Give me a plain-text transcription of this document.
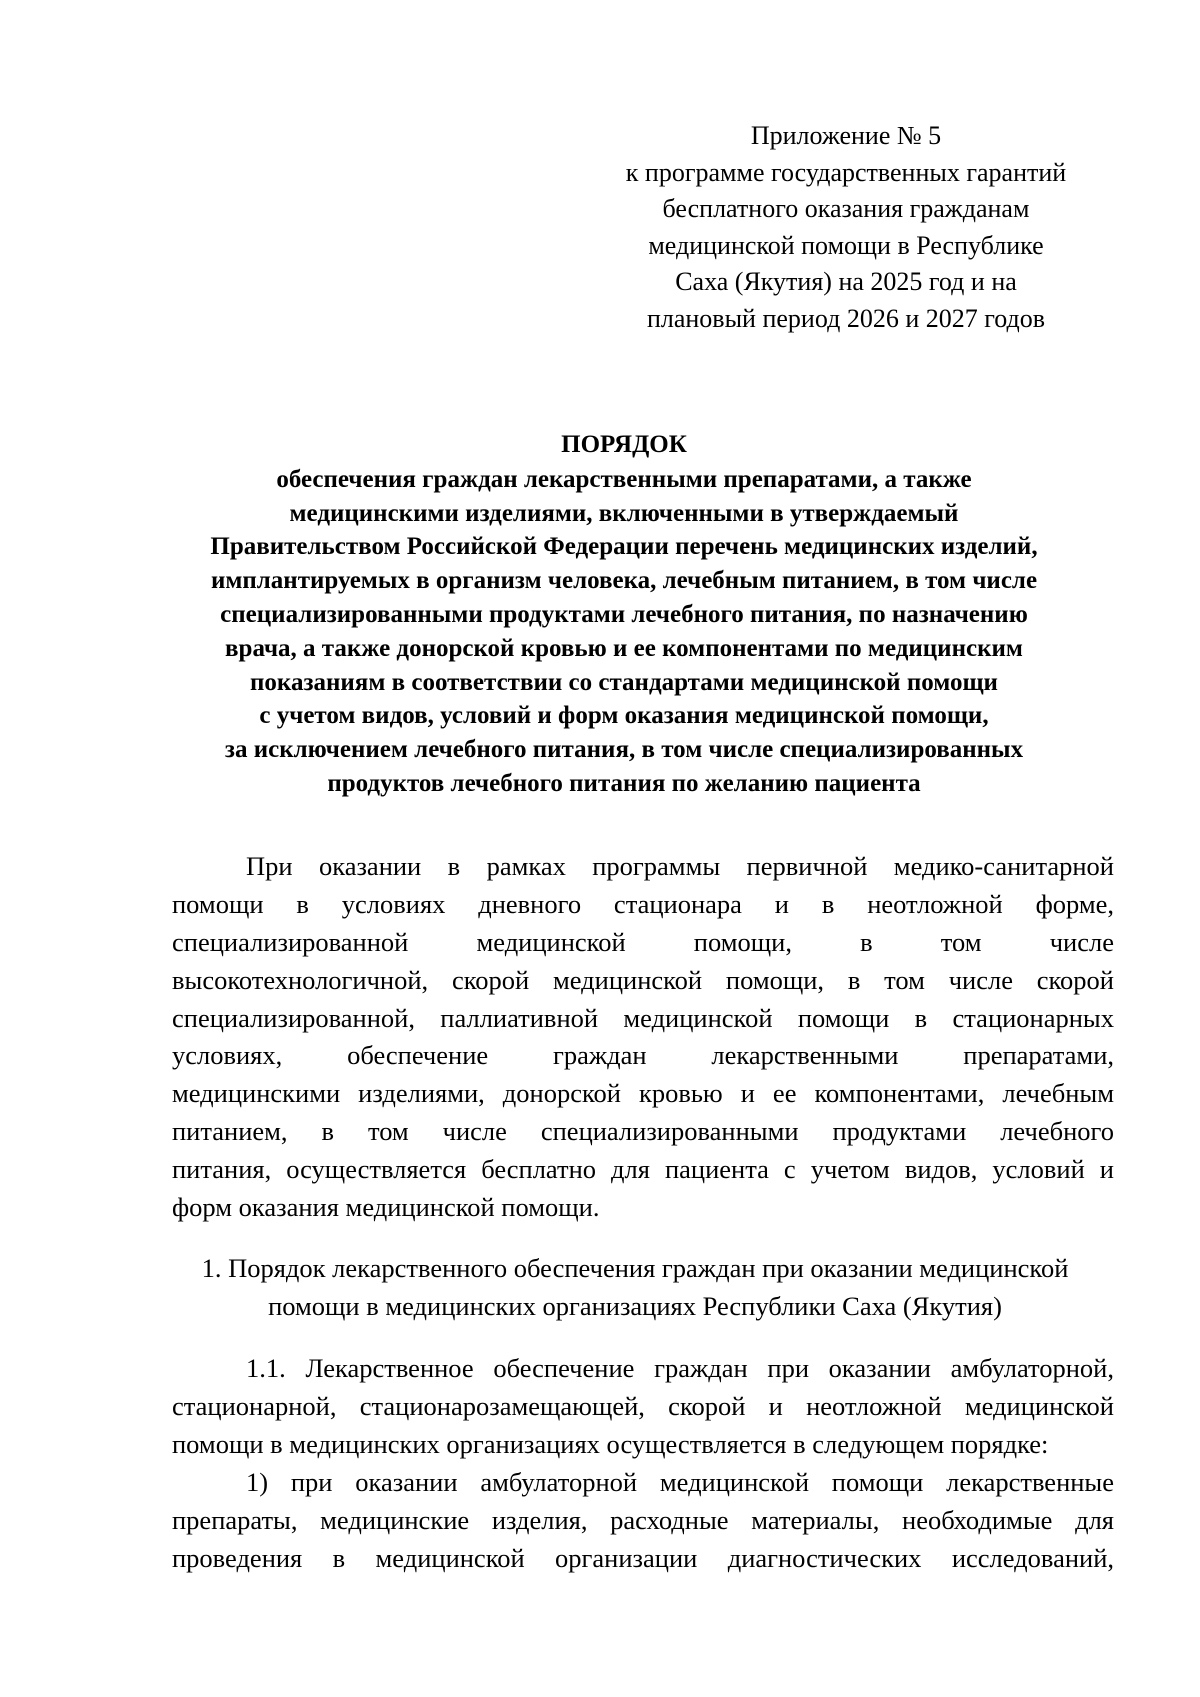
Приложение № 5
к программе государственных гарантий
бесплатного оказания гражданам
медицинской помощи в Республике
Саха (Якутия) на 2025 год и на
плановый период 2026 и 2027 годов
ПОРЯДОК
обеспечения граждан лекарственными препаратами, а также
медицинскими изделиями, включенными в утверждаемый
Правительством Российской Федерации перечень медицинских изделий,
имплантируемых в организм человека, лечебным питанием, в том числе
специализированными продуктами лечебного питания, по назначению
врача, а также донорской кровью и ее компонентами по медицинским
показаниям в соответствии со стандартами медицинской помощи
с учетом видов, условий и форм оказания медицинской помощи,
за исключением лечебного питания, в том числе специализированных
продуктов лечебного питания по желанию пациента
При оказании в рамках программы первичной медико-санитарной
помощи в условиях дневного стационара и в неотложной форме,
специализированной медицинской помощи, в том числе
высокотехнологичной, скорой медицинской помощи, в том числе скорой
специализированной, паллиативной медицинской помощи в стационарных
условиях, обеспечение граждан лекарственными препаратами,
медицинскими изделиями, донорской кровью и ее компонентами, лечебным
питанием, в том числе специализированными продуктами лечебного
питания, осуществляется бесплатно для пациента с учетом видов, условий и
форм оказания медицинской помощи.
1. Порядок лекарственного обеспечения граждан при оказании медицинской
помощи в медицинских организациях Республики Саха (Якутия)
1.1. Лекарственное обеспечение граждан при оказании амбулаторной,
стационарной, стационарозамещающей, скорой и неотложной медицинской
помощи в медицинских организациях осуществляется в следующем порядке:
1) при оказании амбулаторной медицинской помощи лекарственные
препараты, медицинские изделия, расходные материалы, необходимые для
проведения в медицинской организации диагностических исследований,
